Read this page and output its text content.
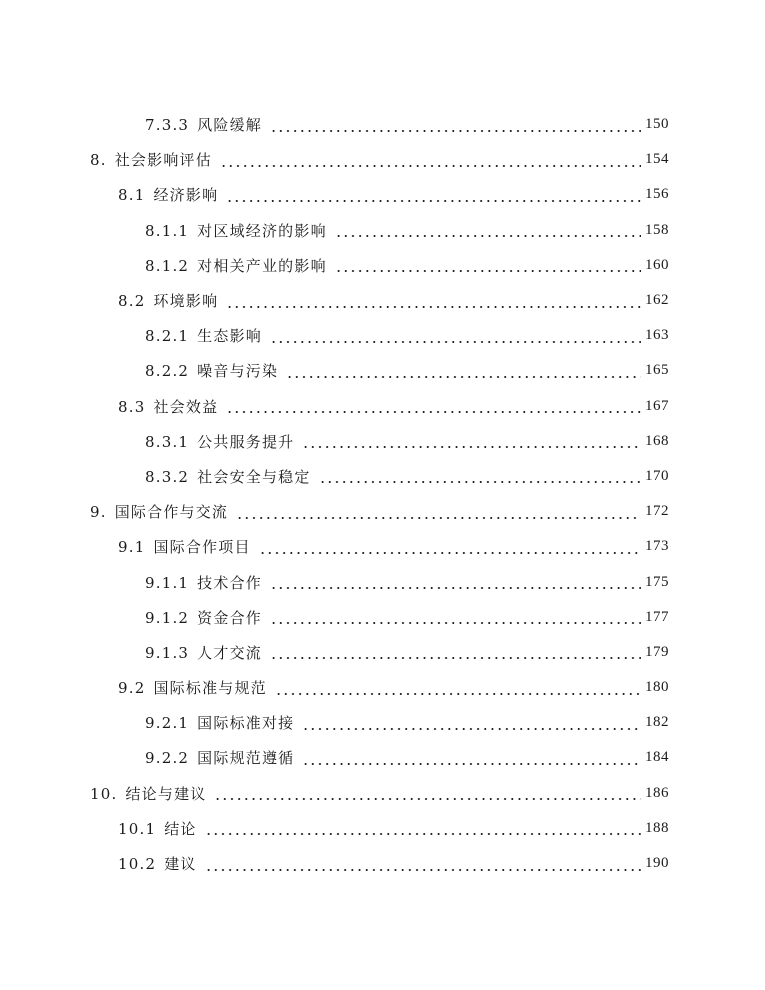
7.3.3 风险缓解	150
8. 社会影响评估	154
8.1 经济影响	156
8.1.1 对区域经济的影响	158
8.1.2 对相关产业的影响	160
8.2 环境影响	162
8.2.1 生态影响	163
8.2.2 噪音与污染	165
8.3 社会效益	167
8.3.1 公共服务提升	168
8.3.2 社会安全与稳定	170
9. 国际合作与交流	172
9.1 国际合作项目	173
9.1.1 技术合作	175
9.1.2 资金合作	177
9.1.3 人才交流	179
9.2 国际标准与规范	180
9.2.1 国际标准对接	182
9.2.2 国际规范遵循	184
10. 结论与建议	186
10.1 结论	188
10.2 建议	190
